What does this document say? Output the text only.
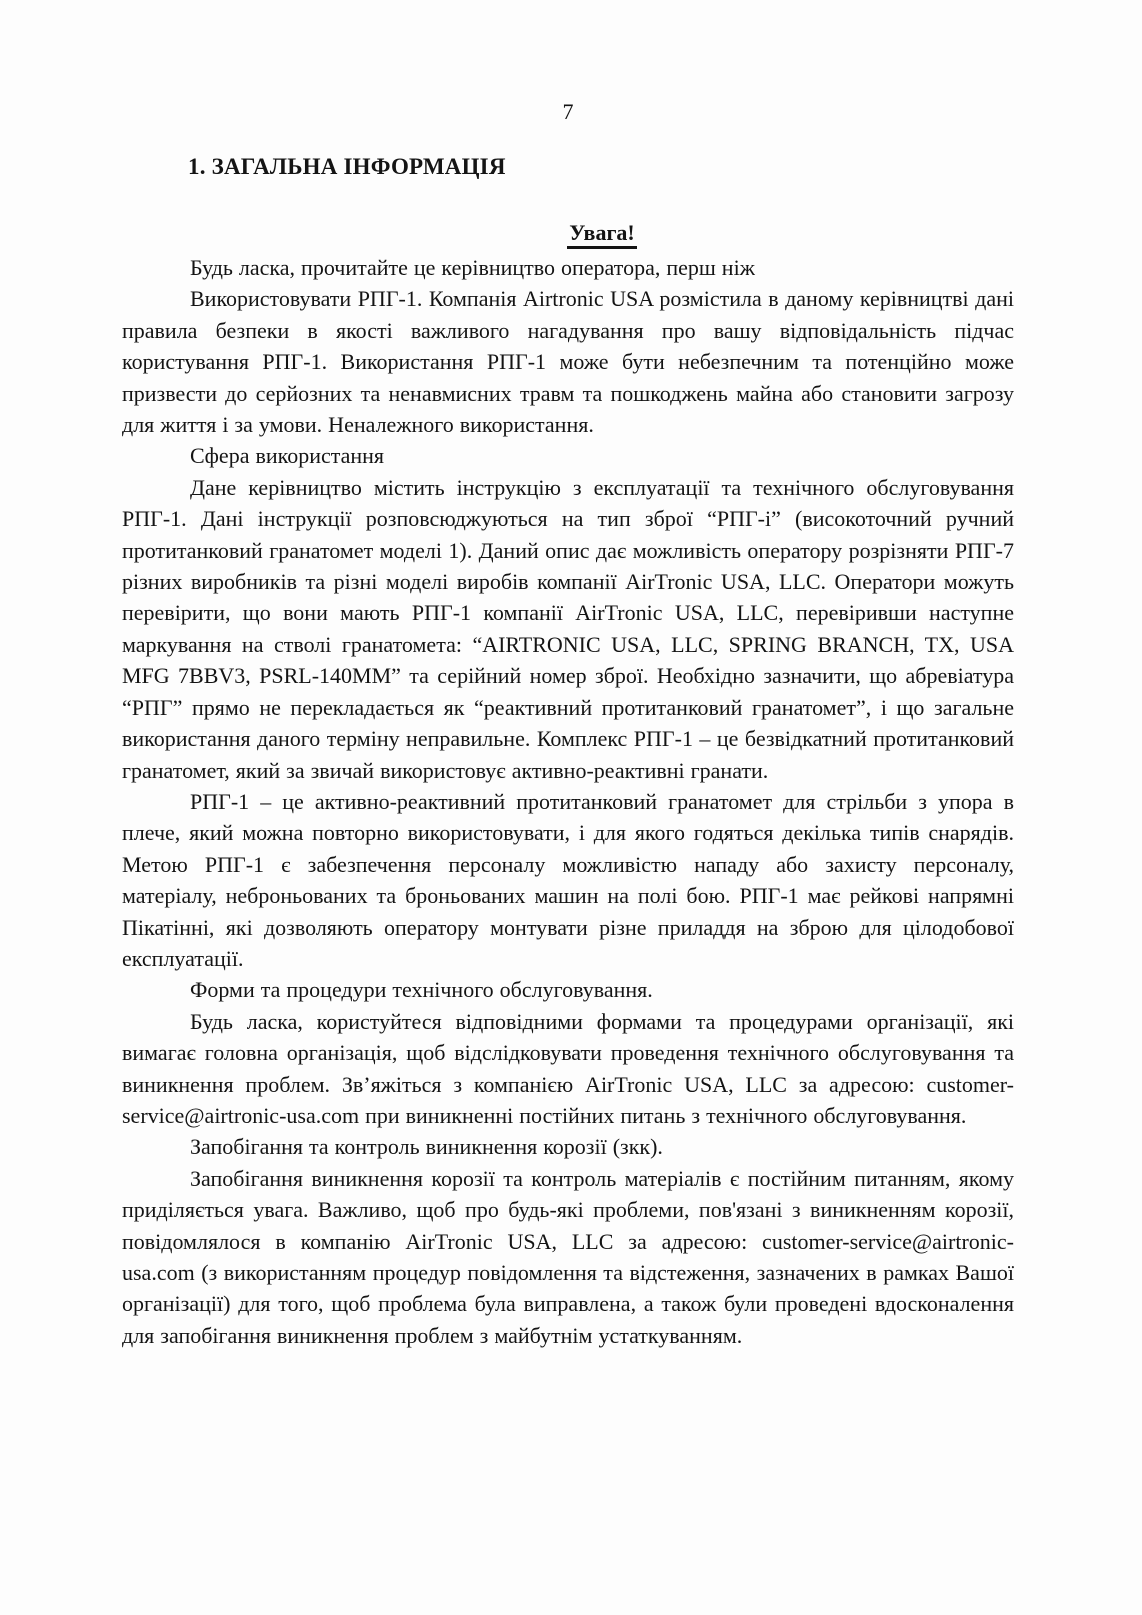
7
1. ЗАГАЛЬНА ІНФОРМАЦІЯ
Увага!

Будь ласка, прочитайте це керівництво оператора, перш ніж

Використовувати РПГ-1. Компанія Airtronic USA розмістила в даному керівництві дані правила безпеки в якості важливого нагадування про вашу відповідальність підчас користування РПГ-1. Використання РПГ-1 може бути небезпечним та потенційно може призвести до серйозних та ненавмисних травм та пошкоджень майна або становити загрозу для життя і за умови. Неналежного використання.

Сфера використання

Дане керівництво містить інструкцію з експлуатації та технічного обслуговування РПГ-1. Дані інструкції розповсюджуються на тип зброї “РПГ-і” (високоточний ручний протитанковий гранатомет моделі 1). Даний опис дає можливість оператору розрізняти РПГ-7 різних виробників та різні моделі виробів компанії AirTronic USA, LLC. Оператори можуть перевірити, що вони мають РПГ-1 компанії AirTronic USA, LLC, перевіривши наступне маркування на стволі гранатомета: “AIRTRONIC USA, LLC, SPRING BRANCH, TX, USA MFG 7BBV3, PSRL-140MM” та серійний номер зброї. Необхідно зазначити, що абревіатура “РПГ” прямо не перекладається як “реактивний протитанковий гранатомет”, і що загальне використання даного терміну неправильне. Комплекс РПГ-1 – це безвідкатний протитанковий гранатомет, який за звичай використовує активно-реактивні гранати.

РПГ-1 – це активно-реактивний протитанковий гранатомет для стрільби з упора в плече, який можна повторно використовувати, і для якого годяться декілька типів снарядів. Метою РПГ-1 є забезпечення персоналу можливістю нападу або захисту персоналу, матеріалу, неброньованих та броньованих машин на полі бою. РПГ-1 має рейкові напрямні Пікатінні, які дозволяють оператору монтувати різне приладдя на зброю для цілодобової експлуатації.

Форми та процедури технічного обслуговування.

Будь ласка, користуйтеся відповідними формами та процедурами організації, які вимагає головна організація, щоб відслідковувати проведення технічного обслуговування та виникнення проблем. Зв’яжіться з компанією AirTronic USA, LLC за адресою: customer-service@airtronic-usa.com при виникненні постійних питань з технічного обслуговування.

Запобігання та контроль виникнення корозії (зкк).

Запобігання виникнення корозії та контроль матеріалів є постійним питанням, якому приділяється увага. Важливо, щоб про будь-які проблеми, пов'язані з виникненням корозії, повідомлялося в компанію AirTronic USA, LLC за адресою: customer-service@airtronic-usa.com (з використанням процедур повідомлення та відстеження, зазначених в рамках Вашої організації) для того, щоб проблема була виправлена, а також були проведені вдосконалення для запобігання виникнення проблем з майбутнім устаткуванням.
